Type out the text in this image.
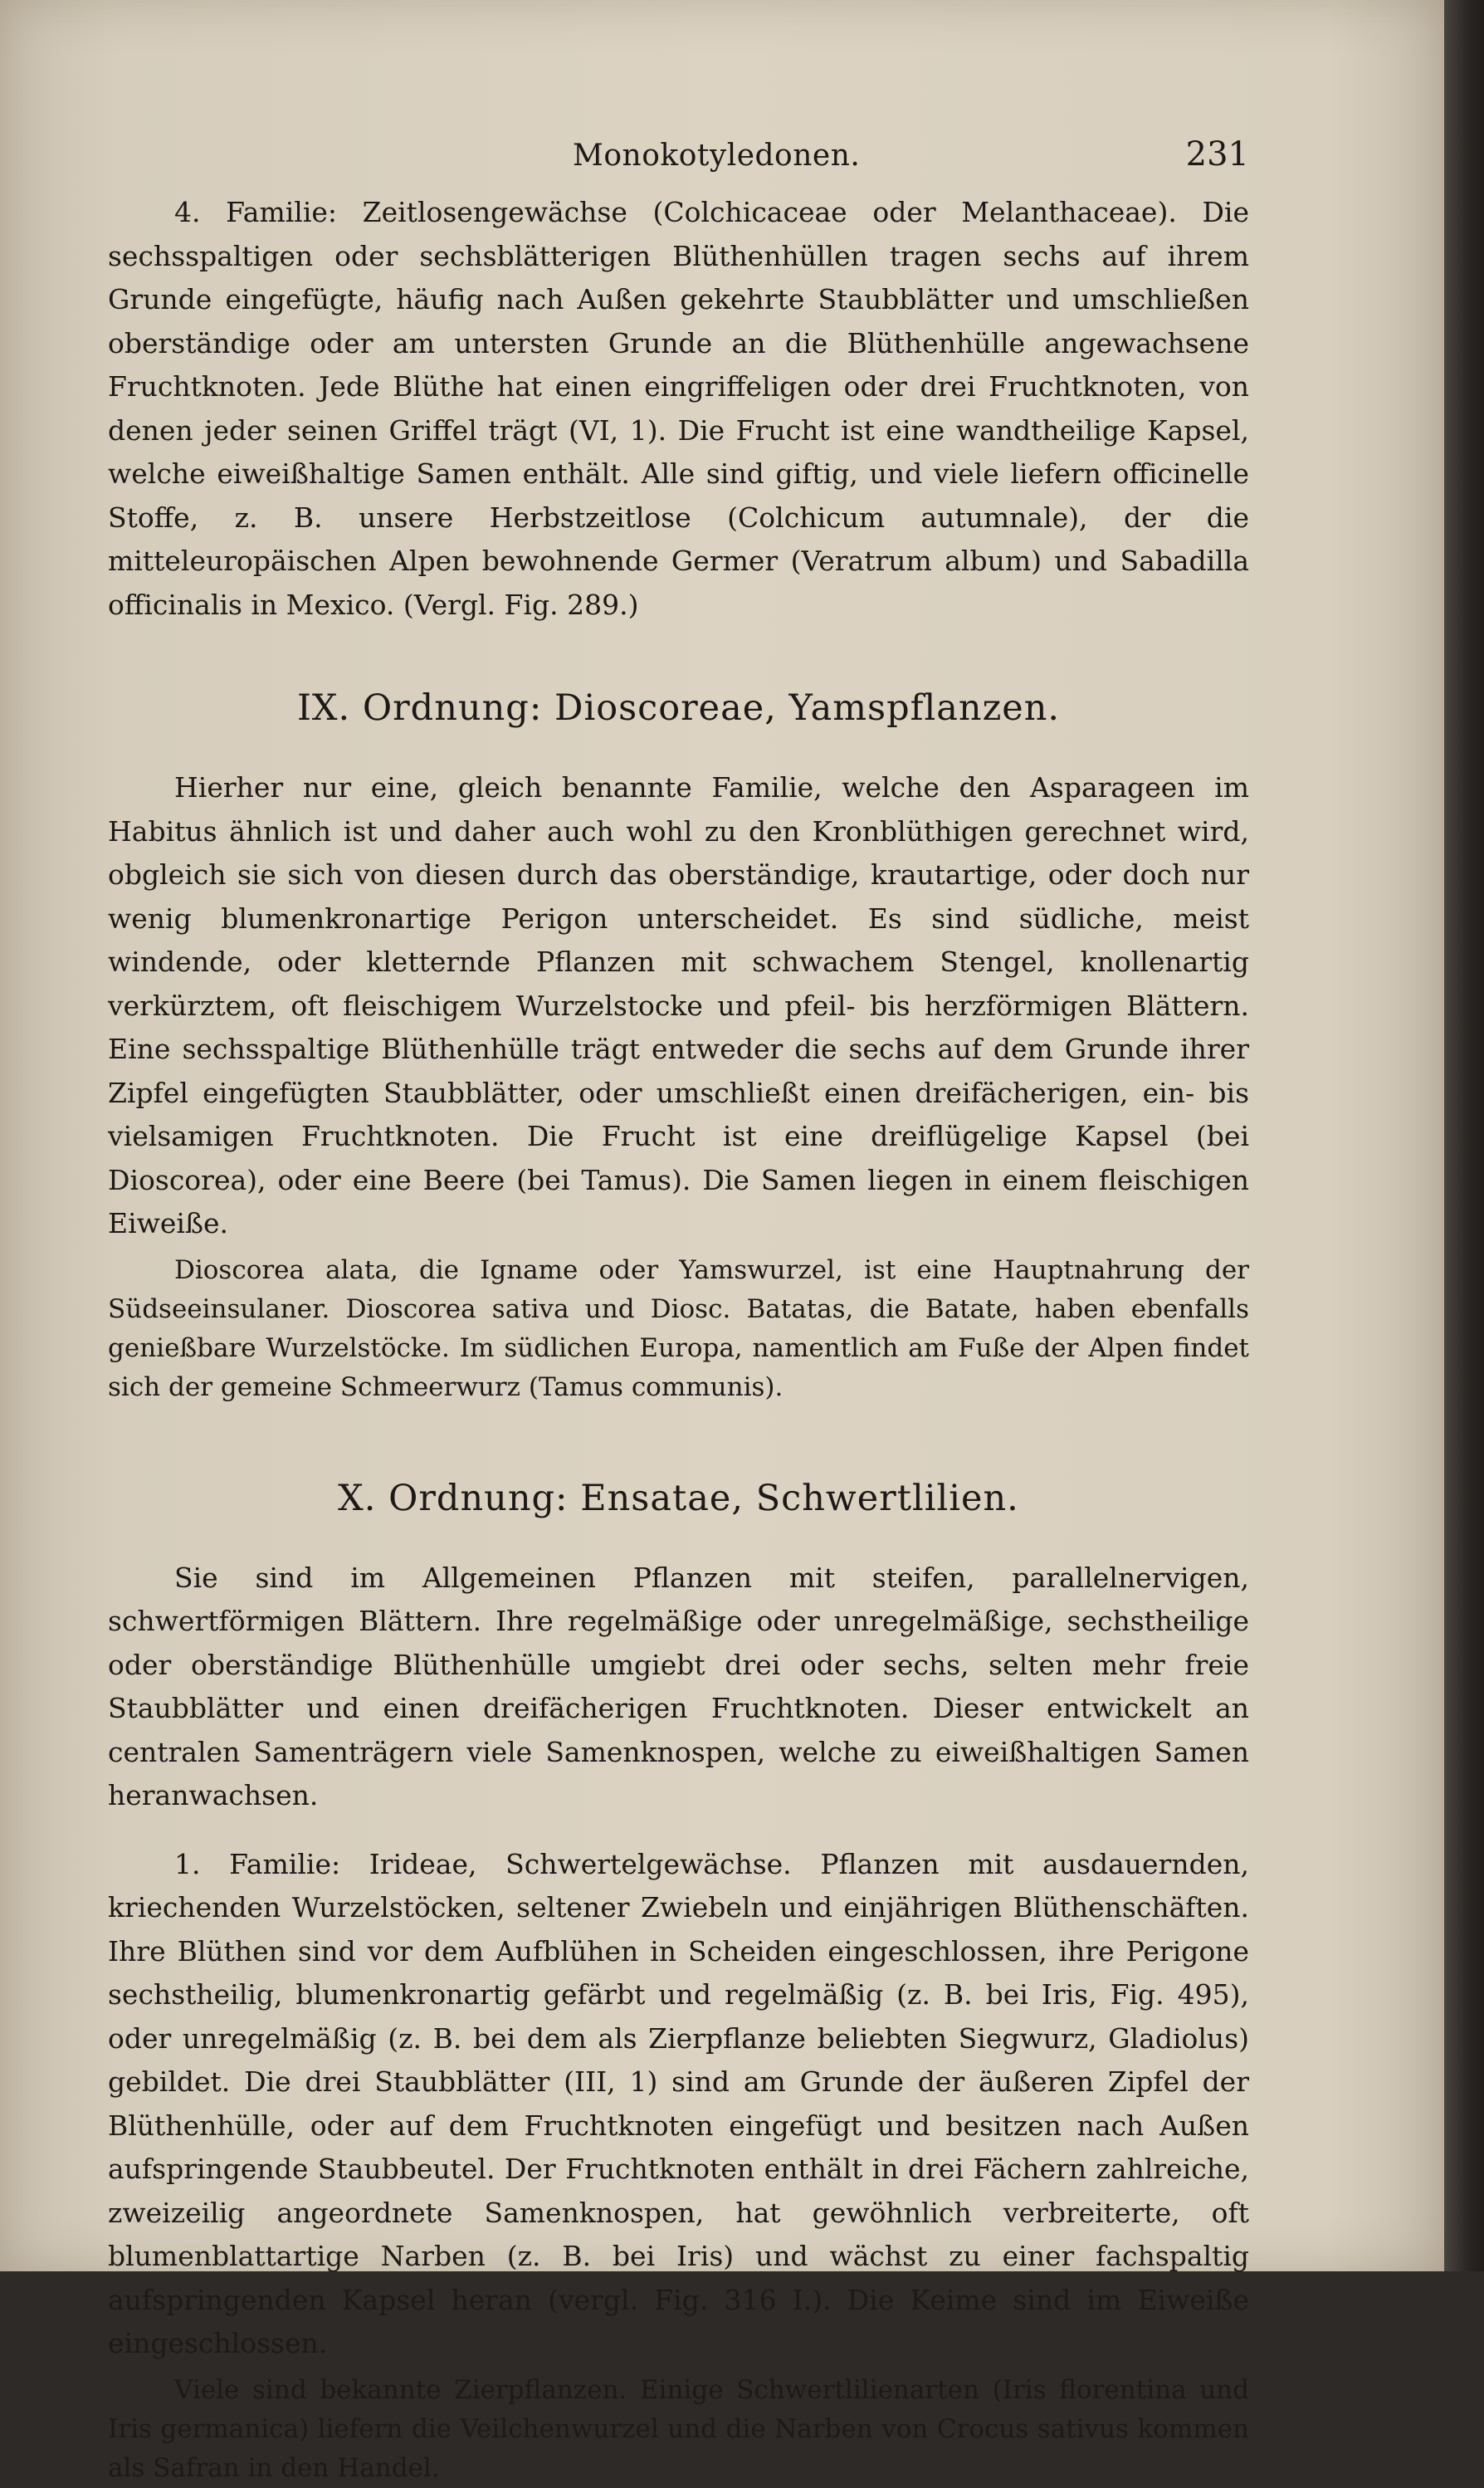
Monokotyledonen.	231

4. Familie: Zeitlosengewächse (Colchicaceae oder Melanthaceae). Die sechsspaltigen oder sechsblätterigen Blüthenhüllen tragen sechs auf ihrem Grunde eingefügte, häufig nach Außen gekehrte Staubblätter und umschließen oberständige oder am untersten Grunde an die Blüthenhülle angewachsene Fruchtknoten. Jede Blüthe hat einen eingriffeligen oder drei Fruchtknoten, von denen jeder seinen Griffel trägt (VI, 1). Die Frucht ist eine wandtheilige Kapsel, welche eiweißhaltige Samen enthält. Alle sind giftig, und viele liefern officinelle Stoffe, z. B. unsere Herbstzeitlose (Colchicum autumnale), der die mitteleuropäischen Alpen bewohnende Germer (Veratrum album) und Sabadilla officinalis in Mexico. (Vergl. Fig. 289.)

IX. Ordnung: Dioscoreae, Yamspflanzen.

Hierher nur eine, gleich benannte Familie, welche den Asparageen im Habitus ähnlich ist und daher auch wohl zu den Kronblüthigen gerechnet wird, obgleich sie sich von diesen durch das oberständige, krautartige, oder doch nur wenig blumenkronartige Perigon unterscheidet. Es sind südliche, meist windende, oder kletternde Pflanzen mit schwachem Stengel, knollenartig verkürztem, oft fleischigem Wurzelstocke und pfeil- bis herzförmigen Blättern. Eine sechsspaltige Blüthenhülle trägt entweder die sechs auf dem Grunde ihrer Zipfel eingefügten Staubblätter, oder umschließt einen dreifächerigen, ein- bis vielsamigen Fruchtknoten. Die Frucht ist eine dreiflügelige Kapsel (bei Dioscorea), oder eine Beere (bei Tamus). Die Samen liegen in einem fleischigen Eiweiße.

Dioscorea alata, die Igname oder Yamswurzel, ist eine Hauptnahrung der Südseeinsulaner. Dioscorea sativa und Diosc. Batatas, die Batate, haben ebenfalls genießbare Wurzelstöcke. Im südlichen Europa, namentlich am Fuße der Alpen findet sich der gemeine Schmeerwurz (Tamus communis).

X. Ordnung: Ensatae, Schwertlilien.

Sie sind im Allgemeinen Pflanzen mit steifen, parallelnervigen, schwertförmigen Blättern. Ihre regelmäßige oder unregelmäßige, sechstheilige oder oberständige Blüthenhülle umgiebt drei oder sechs, selten mehr freie Staubblätter und einen dreifächerigen Fruchtknoten. Dieser entwickelt an centralen Samenträgern viele Samenknospen, welche zu eiweißhaltigen Samen heranwachsen.

1. Familie: Irideae, Schwertelgewächse. Pflanzen mit ausdauernden, kriechenden Wurzelstöcken, seltener Zwiebeln und einjährigen Blüthenschäften. Ihre Blüthen sind vor dem Aufblühen in Scheiden eingeschlossen, ihre Perigone sechstheilig, blumenkronartig gefärbt und regelmäßig (z. B. bei Iris, Fig. 495), oder unregelmäßig (z. B. bei dem als Zierpflanze beliebten Siegwurz, Gladiolus) gebildet. Die drei Staubblätter (III, 1) sind am Grunde der äußeren Zipfel der Blüthenhülle, oder auf dem Fruchtknoten eingefügt und besitzen nach Außen aufspringende Staubbeutel. Der Fruchtknoten enthält in drei Fächern zahlreiche, zweizeilig angeordnete Samenknospen, hat gewöhnlich verbreiterte, oft blumenblattartige Narben (z. B. bei Iris) und wächst zu einer fachspaltig aufspringenden Kapsel heran (vergl. Fig. 316 I.). Die Keime sind im Eiweiße eingeschlossen.

Viele sind bekannte Zierpflanzen. Einige Schwertlilienarten (Iris florentina und Iris germanica) liefern die Veilchenwurzel und die Narben von Crocus sativus kommen als Safran in den Handel.
